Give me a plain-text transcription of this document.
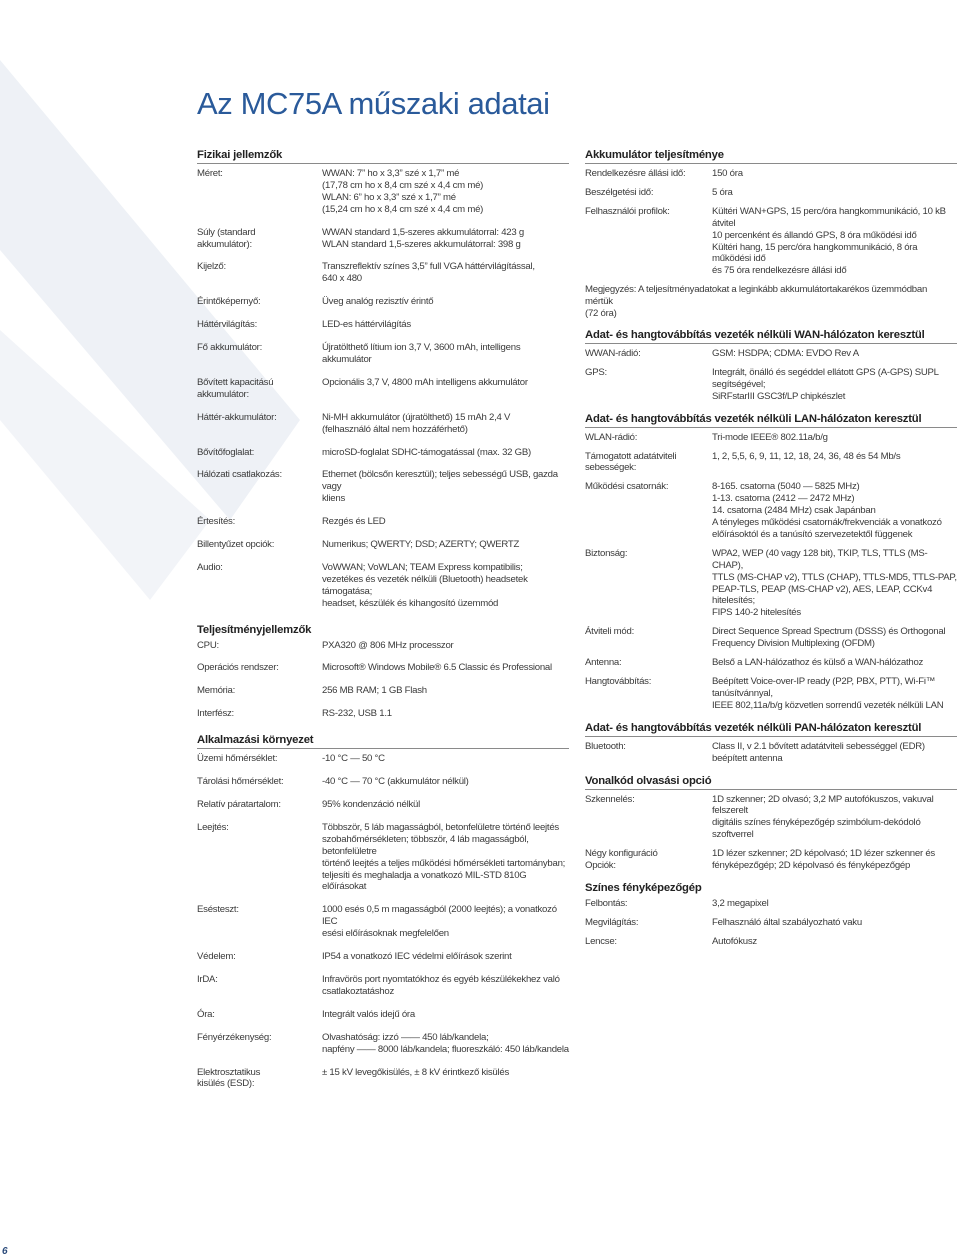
Az MC75A műszaki adatai
Fizikai jellemzők
Méret:	WWAN: 7” ho x 3,3” szé x 1,7” mé
(17,78 cm ho x 8,4 cm szé x 4,4 cm mé)
WLAN: 6” ho x 3,3” szé x 1,7” mé
(15,24 cm ho x 8,4 cm szé x 4,4 cm mé)
Súly (standard
akkumulátor):
WWAN standard 1,5-szeres akkumulátorral: 423 g
WLAN standard 1,5-szeres akkumulátorral: 398 g
Kijelző:	Transzreflektív színes 3,5” full VGA háttérvilágítással,
640 x 480
Érintőképernyő:	Üveg analóg rezisztív érintő
Háttérvilágítás:	LED-es háttérvilágítás
Fő akkumulátor:	Újratölthető lítium ion 3,7 V, 3600 mAh, intelligens akkumulátor
Bővített kapacitású akkumulátor:
Opcionális 3,7 V, 4800 mAh intelligens akkumulátor
Háttér-akkumulátor:	Ni-MH akkumulátor (újratölthető) 15 mAh 2,4 V
(felhasználó által nem hozzáférhető)
Bővítőfoglalat:	microSD-foglalat SDHC-támogatással (max. 32 GB)
Hálózati csatlakozás:	Ethernet (bölcsőn keresztül); teljes sebességű USB, gazda vagy
kliens
Értesítés:	Rezgés és LED
Billentyűzet opciók:	Numerikus; QWERTY; DSD; AZERTY; QWERTZ
Audio:	VoWWAN; VoWLAN; TEAM Express kompatibilis;
vezetékes és vezeték nélküli (Bluetooth) headsetek támogatása;
headset, készülék és kihangosító üzemmód
Teljesítményjellemzők
CPU:	PXA320 @ 806 MHz processzor
Operációs rendszer:	Microsoft® Windows Mobile® 6.5 Classic és Professional
Memória:	256 MB RAM; 1 GB Flash
Interfész:	RS-232, USB 1.1
Alkalmazási környezet
Üzemi hőmérséklet:	-10 °C — 50 °C
Tárolási hőmérséklet:	-40 °C — 70 °C (akkumulátor nélkül)
Relatív páratartalom:	95% kondenzáció nélkül
Leejtés:	Többször, 5 láb magasságból, betonfelületre történő leejtés
szobahőmérsékleten; többször, 4 láb magasságból, betonfelületre
történő leejtés a teljes működési hőmérsékleti tartományban;
teljesíti és meghaladja a vonatkozó MIL-STD 810G előírásokat
Esésteszt:	1000 esés 0,5 m magasságból (2000 leejtés); a vonatkozó IEC
esési előírásoknak megfelelően
Védelem:	IP54 a vonatkozó IEC védelmi előírások szerint
IrDA:	Infravörös port nyomtatókhoz és egyéb készülékekhez való
csatlakoztatáshoz
Óra:	Integrált valós idejű óra
Fényérzékenység:	Olvashatóság: izzó —— 450 láb/kandela;
napfény —— 8000 láb/kandela; fluoreszkáló: 450 láb/kandela
Elektrosztatikus
kisülés (ESD):
± 15 kV levegőkisülés, ± 8 kV érintkező kisülés
Akkumulátor teljesítménye
Rendelkezésre állási idő:	150 óra
Beszélgetési idő:	5 óra
Felhasználói profilok:	Kültéri WAN+GPS, 15 perc/óra hangkommunikáció, 10 kB átvitel
10 percenként és állandó GPS, 8 óra működési idő
Kültéri hang, 15 perc/óra hangkommunikáció, 8 óra működési idő
és 75 óra rendelkezésre állási idő
Megjegyzés: A teljesítményadatokat a leginkább akkumulátortakarékos üzemmódban mértük
(72 óra)
Adat- és hangtovábbítás vezeték nélküli WAN-hálózaton keresztül
WWAN-rádió:	GSM: HSDPA; CDMA: EVDO Rev A
GPS:	Integrált, önálló és segéddel ellátott GPS (A-GPS) SUPL segítségével;
SiRFstarIII GSC3f/LP chipkészlet
Adat- és hangtovábbítás vezeték nélküli LAN-hálózaton keresztül
WLAN-rádió:	Tri-mode IEEE® 802.11a/b/g
Támogatott adatátviteli
sebességek:
1, 2, 5,5, 6, 9, 11, 12, 18, 24, 36, 48 és 54 Mb/s
Működési csatornák:	8-165. csatorna (5040 — 5825 MHz)
1-13. csatorna (2412 — 2472 MHz)
14. csatorna (2484 MHz) csak Japánban
A tényleges működési csatornák/frekvenciák a vonatkozó
előírásoktól és a tanúsító szervezetektől függenek
Biztonság:	WPA2, WEP (40 vagy 128 bit), TKIP, TLS, TTLS (MS-CHAP),
TTLS (MS-CHAP v2), TTLS (CHAP), TTLS-MD5, TTLS-PAP,
PEAP-TLS, PEAP (MS-CHAP v2), AES, LEAP, CCKv4 hitelesítés;
FIPS 140-2 hitelesítés
Átviteli mód:	Direct Sequence Spread Spectrum (DSSS) és Orthogonal
Frequency Division Multiplexing (OFDM)
Antenna:	Belső a LAN-hálózathoz és külső a WAN-hálózathoz
Hangtovábbítás:	Beépített Voice-over-IP ready (P2P, PBX, PTT), Wi-Fi™ tanúsítvánnyal,
IEEE 802,11a/b/g közvetlen sorrendű vezeték nélküli LAN
Adat- és hangtovábbítás vezeték nélküli PAN-hálózaton keresztül
Bluetooth:	Class II, v 2.1 bővített adatátviteli sebességgel (EDR)
beépített antenna
Vonalkód olvasási opció
Szkennelés:	1D szkenner; 2D olvasó; 3,2 MP autofókuszos, vakuval felszerelt
digitális színes fényképezőgép szimbólum-dekódoló szoftverrel
Négy konfiguráció
Opciók:
1D lézer szkenner; 2D képolvasó; 1D lézer szkenner és
fényképezőgép; 2D képolvasó és fényképezőgép
Színes fényképezőgép
Felbontás:	3,2 megapixel
Megvilágítás:	Felhasználó által szabályozható vaku
Lencse:	Autofókusz
6
